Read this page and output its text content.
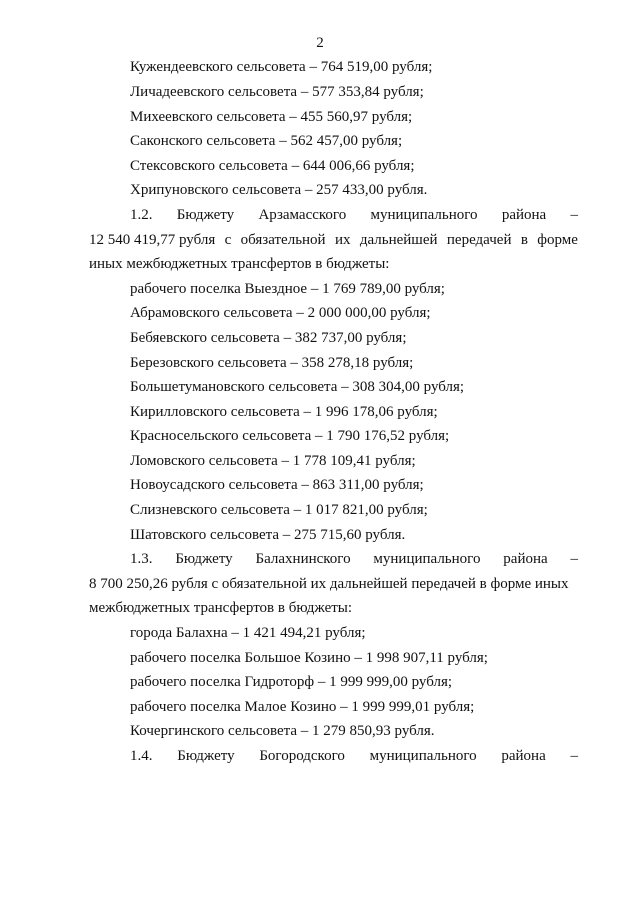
2
Кужендеевского сельсовета – 764 519,00 рубля;
Личадеевского сельсовета – 577 353,84 рубля;
Михеевского сельсовета – 455 560,97 рубля;
Саконского сельсовета – 562 457,00 рубля;
Стексовского сельсовета – 644 006,66 рубля;
Хрипуновского сельсовета – 257 433,00 рубля.
1.2. Бюджету Арзамасского муниципального района –
12 540 419,77 рубля с обязательной их дальнейшей передачей в форме
иных межбюджетных трансфертов в бюджеты:
рабочего поселка Выездное – 1 769 789,00 рубля;
Абрамовского сельсовета – 2 000 000,00 рубля;
Бебяевского сельсовета – 382 737,00 рубля;
Березовского сельсовета – 358 278,18 рубля;
Большетумановского сельсовета – 308 304,00 рубля;
Кирилловского сельсовета – 1 996 178,06 рубля;
Красносельского сельсовета – 1 790 176,52 рубля;
Ломовского сельсовета – 1 778 109,41 рубля;
Новоусадского сельсовета – 863 311,00 рубля;
Слизневского сельсовета – 1 017 821,00 рубля;
Шатовского сельсовета – 275 715,60 рубля.
1.3. Бюджету Балахнинского муниципального района –
8 700 250,26 рубля с обязательной их дальнейшей передачей в форме иных
межбюджетных трансфертов в бюджеты:
города Балахна – 1 421 494,21 рубля;
рабочего поселка Большое Козино – 1 998 907,11 рубля;
рабочего поселка Гидроторф – 1 999 999,00 рубля;
рабочего поселка Малое Козино – 1 999 999,01 рубля;
Кочергинского сельсовета – 1 279 850,93 рубля.
1.4. Бюджету Богородского муниципального района –
